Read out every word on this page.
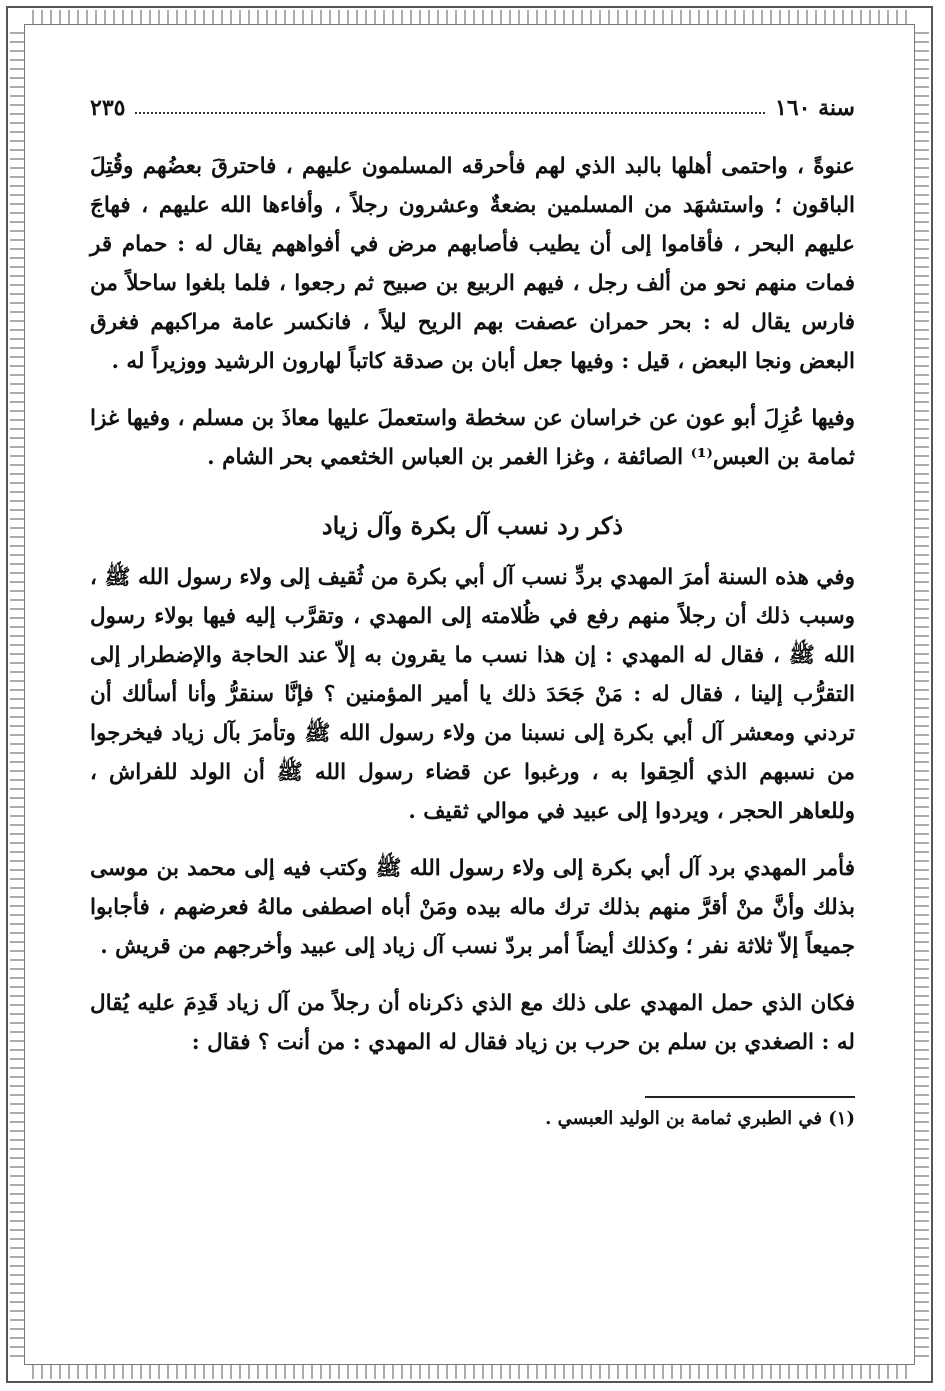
سنة ١٦٠
٢٣٥

عنوةً ، واحتمى أهلها بالبد الذي لهم فأحرقه المسلمون عليهم ، فاحترقَ بعضُهم وقُتِلَ الباقون ؛ واستشهَد من المسلمين بضعةٌ وعشرون رجلاً ، وأفاءها الله عليهم ، فهاجَ عليهم البحر ، فأقاموا إلى أن يطيب فأصابهم مرض في أفواههم يقال له : حمام قر فمات منهم نحو من ألف رجل ، فيهم الربيع بن صبيح ثم رجعوا ، فلما بلغوا ساحلاً من فارس يقال له : بحر حمران عصفت بهم الريح ليلاً ، فانكسر عامة مراكبهم فغرق البعض ونجا البعض ، قيل : وفيها جعل أبان بن صدقة كاتباً لهارون الرشيد ووزيراً له .

وفيها عُزِلَ أبو عون عن خراسان عن سخطة واستعملَ عليها معاذَ بن مسلم ، وفيها غزا ثمامة بن العبس⁽¹⁾ الصائفة ، وغزا الغمر بن العباس الخثعمي بحر الشام .

ذكر رد نسب آل بكرة وآل زياد

وفي هذه السنة أمرَ المهدي بردِّ نسب آل أبي بكرة من ثُقيف إلى ولاء رسول الله ﷺ ، وسبب ذلك أن رجلاً منهم رفع في ظُلامته إلى المهدي ، وتقرَّب إليه فيها بولاء رسول الله ﷺ ، فقال له المهدي : إن هذا نسب ما يقرون به إلاّ عند الحاجة والإضطرار إلى التقرُّب إلينا ، فقال له : مَنْ جَحَدَ ذلك يا أمير المؤمنين ؟ فإنَّا سنقرُّ وأنا أسألك أن تردني ومعشر آل أبي بكرة إلى نسبنا من ولاء رسول الله ﷺ وتأمرَ بآل زياد فيخرجوا من نسبهم الذي ألحِقوا به ، ورغبوا عن قضاء رسول الله ﷺ أن الولد للفراش ، وللعاهر الحجر ، ويردوا إلى عبيد في موالي ثقيف .

فأمر المهدي برد آل أبي بكرة إلى ولاء رسول الله ﷺ وكتب فيه إلى محمد بن موسى بذلك وأنَّ منْ أقرَّ منهم بذلك ترك ماله بيده ومَنْ أباه اصطفى مالهُ فعرضهم ، فأجابوا جميعاً إلاّ ثلاثة نفر ؛ وكذلك أيضاً أمر بردّ نسب آل زياد إلى عبيد وأخرجهم من قريش .

فكان الذي حمل المهدي على ذلك مع الذي ذكرناه أن رجلاً من آل زياد قَدِمَ عليه يُقال له : الصغدي بن سلم بن حرب بن زياد فقال له المهدي : من أنت ؟ فقال :

(١) في الطبري ثمامة بن الوليد العبسي .
